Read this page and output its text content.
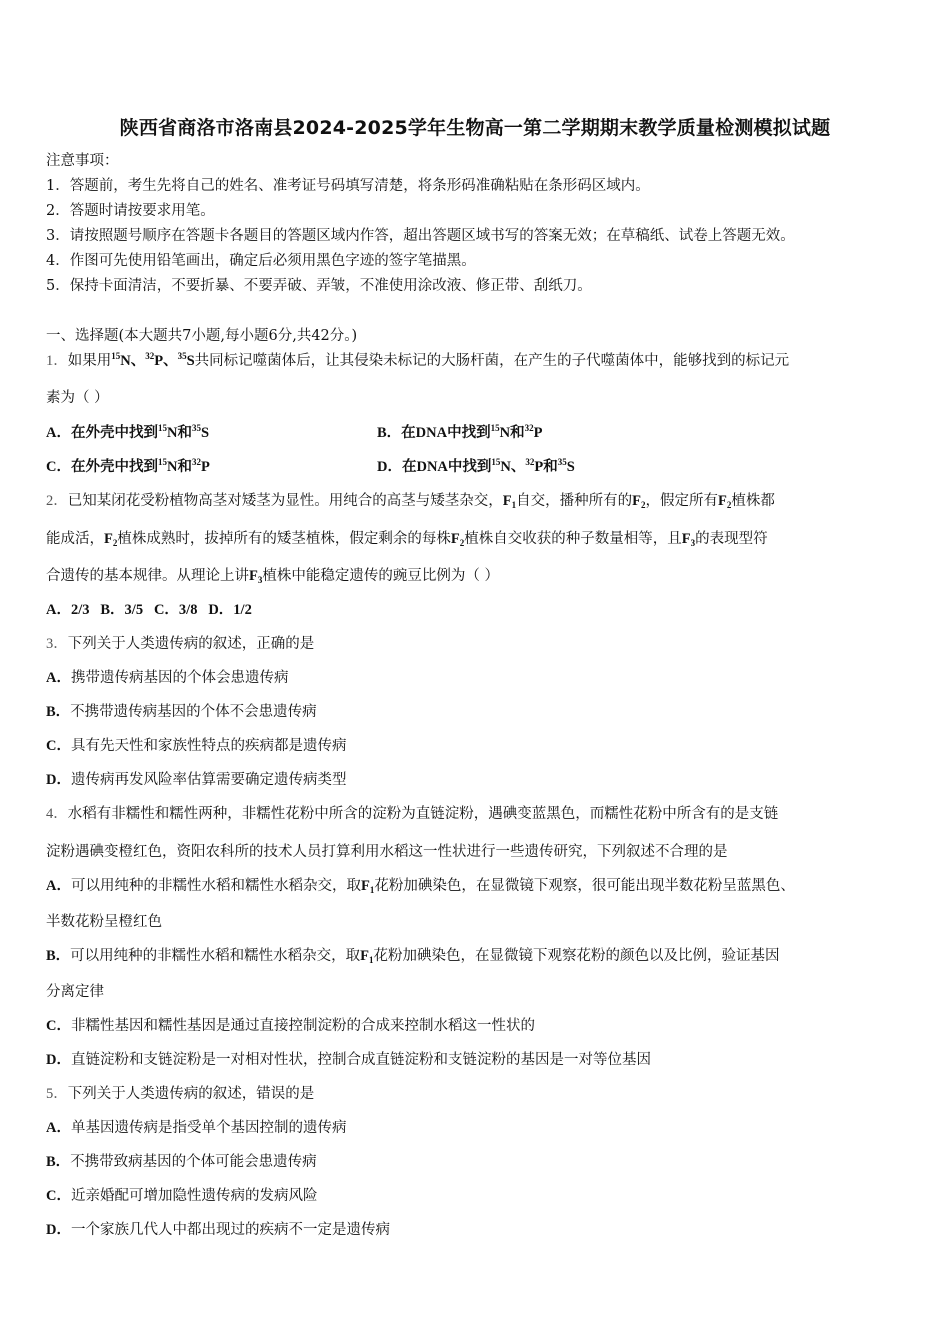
陕西省商洛市洛南县2024-2025学年生物高一第二学期期末教学质量检测模拟试题
注意事项：
1．答题前，考生先将自己的姓名、准考证号码填写清楚，将条形码准确粘贴在条形码区域内。
2．答题时请按要求用笔。
3．请按照题号顺序在答题卡各题目的答题区域内作答，超出答题区域书写的答案无效；在草稿纸、试卷上答题无效。
4．作图可先使用铅笔画出，确定后必须用黑色字迹的签字笔描黑。
5．保持卡面清洁，不要折暴、不要弄破、弄皱，不准使用涂改液、修正带、刮纸刀。
一、选择题(本大题共7小题,每小题6分,共42分。)
1．如果用$^{15}$N、$^{32}$P、$^{35}$S共同标记噬菌体后，让其侵染未标记的大肠杆菌，在产生的子代噬菌体中，能够找到的标记元
素为（ ）
A．在外壳中找到$^{15}$N和$^{35}$S	B．在DNA中找到$^{15}$N和$^{32}$P
C．在外壳中找到$^{15}$N和$^{32}$P	D．在DNA中找到$^{15}$N、$^{32}$P和$^{35}$S
2．已知某闭花受粉植物高茎对矮茎为显性。用纯合的高茎与矮茎杂交，$F_1$自交，播种所有的$F_2$，假定所有$F_2$植株都
能成活，$F_2$植株成熟时，拔掉所有的矮茎植株，假定剩余的每株$F_2$植株自交收获的种子数量相等，且$F_3$的表现型符
合遗传的基本规律。从理论上讲$F_3$植株中能稳定遗传的豌豆比例为（ ）
A．2/3   B．3/5   C．3/8   D．1/2
3．下列关于人类遗传病的叙述，正确的是
A．携带遗传病基因的个体会患遗传病
B．不携带遗传病基因的个体不会患遗传病
C．具有先天性和家族性特点的疾病都是遗传病
D．遗传病再发风险率估算需要确定遗传病类型
4．水稻有非糯性和糯性两种，非糯性花粉中所含的淀粉为直链淀粉，遇碘变蓝黑色，而糯性花粉中所含有的是支链
淀粉遇碘变橙红色，资阳农科所的技术人员打算利用水稻这一性状进行一些遗传研究，下列叙述不合理的是
A．可以用纯种的非糯性水稻和糯性水稻杂交，取$F_1$花粉加碘染色，在显微镜下观察，很可能出现半数花粉呈蓝黑色、
半数花粉呈橙红色
B．可以用纯种的非糯性水稻和糯性水稻杂交，取$F_1$花粉加碘染色，在显微镜下观察花粉的颜色以及比例，验证基因
分离定律
C．非糯性基因和糯性基因是通过直接控制淀粉的合成来控制水稻这一性状的
D．直链淀粉和支链淀粉是一对相对性状，控制合成直链淀粉和支链淀粉的基因是一对等位基因
5．下列关于人类遗传病的叙述，错误的是
A．单基因遗传病是指受单个基因控制的遗传病
B．不携带致病基因的个体可能会患遗传病
C．近亲婚配可增加隐性遗传病的发病风险
D．一个家族几代人中都出现过的疾病不一定是遗传病
